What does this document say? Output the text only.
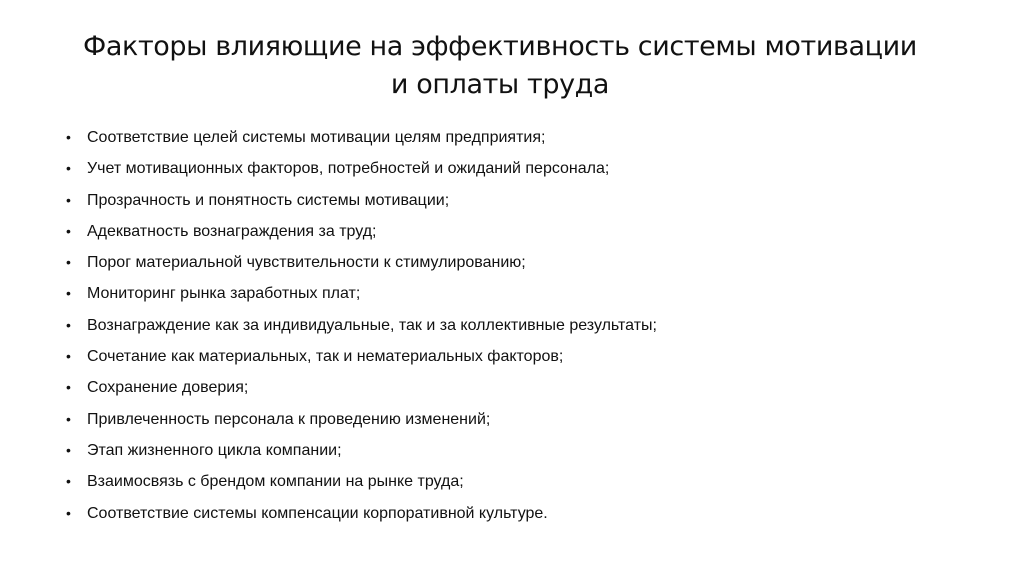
Факторы влияющие на эффективность системы мотивации
и оплаты труда
•	Соответствие целей системы мотивации целям предприятия;
•	Учет мотивационных факторов, потребностей и ожиданий персонала;
•	Прозрачность и понятность системы мотивации;
•	Адекватность вознаграждения за труд;
•	Порог материальной чувствительности к стимулированию;
•	Мониторинг рынка заработных плат;
•	Вознаграждение как за индивидуальные, так и за коллективные результаты;
•	Сочетание как материальных, так и нематериальных факторов;
•	Сохранение доверия;
•	Привлеченность персонала к проведению изменений;
•	Этап жизненного цикла компании;
•	Взаимосвязь с брендом компании на рынке труда;
•	Соответствие системы компенсации корпоративной культуре.
